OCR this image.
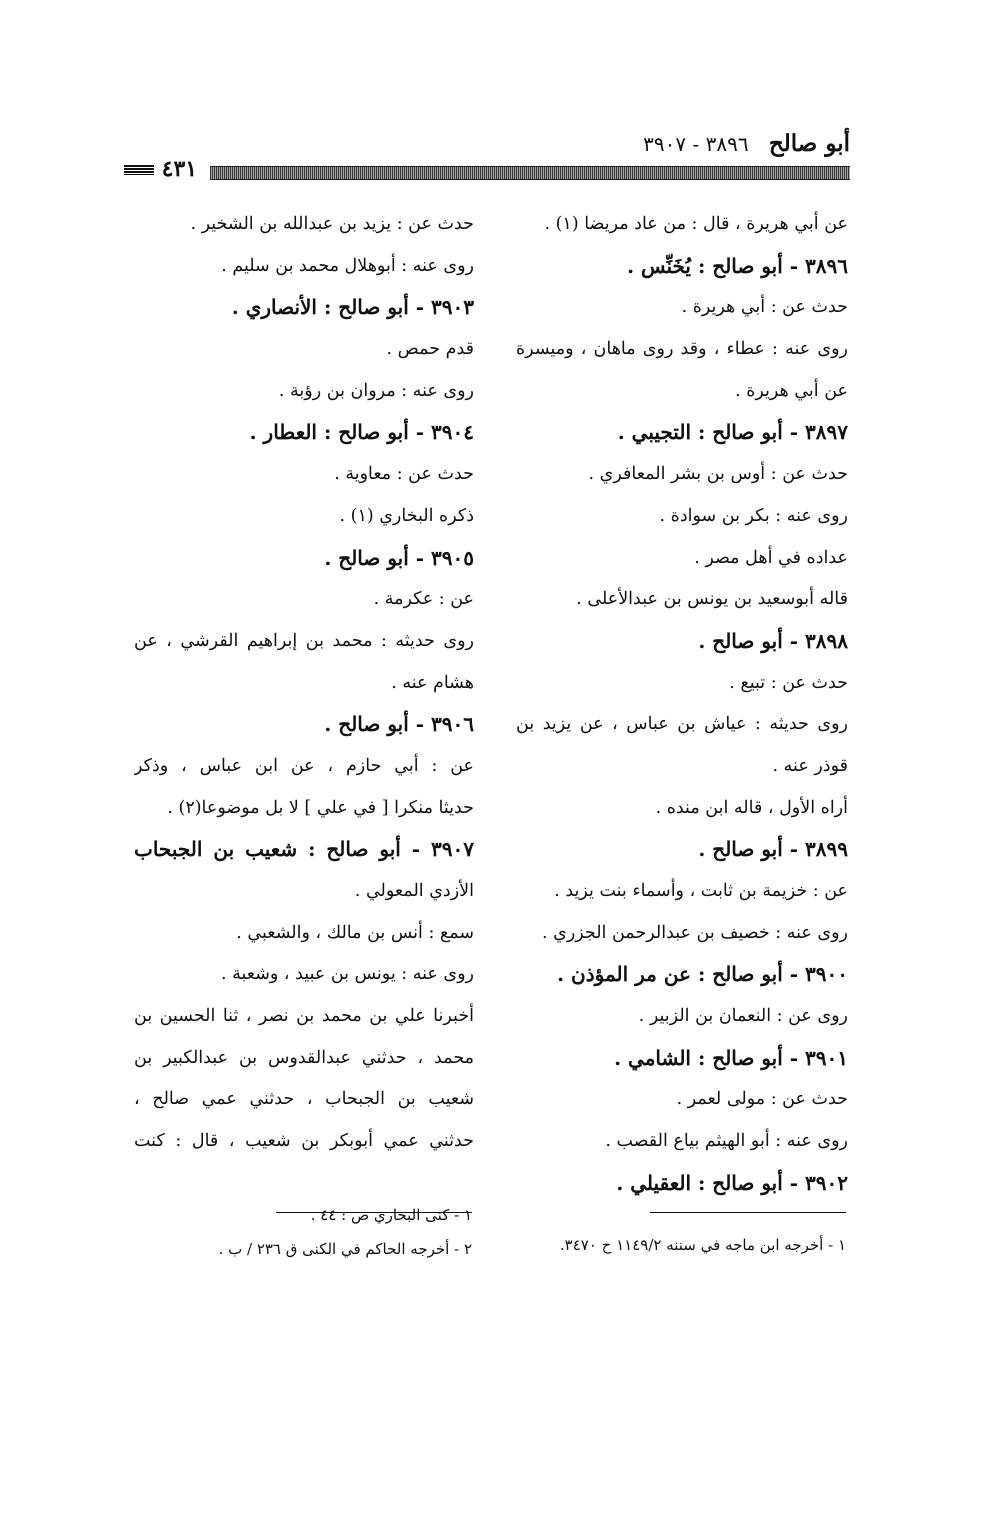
أبو صالح ٣٨٩٦ - ٣٩٠٧
٤٣١
عن أبي هريرة ، قال : من عاد مريضا (١) .
٣٨٩٦ - أبو صالح : يُخَنِّس .
حدث عن : أبي هريرة .
روى عنه : عطاء ، وقد روى ماهان ، وميسرة
عن أبي هريرة .
٣٨٩٧ - أبو صالح : التجيبي .
حدث عن : أوس بن بشر المعافري .
روى عنه : بكر بن سوادة .
عداده في أهل مصر .
قاله أبوسعيد بن يونس بن عبدالأعلى .
٣٨٩٨ - أبو صالح .
حدث عن : تبيع .
روى حديثه : عياش بن عباس ، عن يزيد بن
قوذر عنه .
أراه الأول ، قاله ابن منده .
٣٨٩٩ - أبو صالح .
عن : خزيمة بن ثابت ، وأسماء بنت يزيد .
روى عنه : خصيف بن عبدالرحمن الجزري .
٣٩٠٠ - أبو صالح : عن مر المؤذن .
روى عن : النعمان بن الزبير .
٣٩٠١ - أبو صالح : الشامي .
حدث عن : مولى لعمر .
روى عنه : أبو الهيثم بياع القصب .
٣٩٠٢ - أبو صالح : العقيلي .
حدث عن : يزيد بن عبدالله بن الشخير .
روى عنه : أبوهلال محمد بن سليم .
٣٩٠٣ - أبو صالح : الأنصاري .
قدم حمص .
روى عنه : مروان بن رؤبة .
٣٩٠٤ - أبو صالح : العطار .
حدث عن : معاوية .
ذكره البخاري (١) .
٣٩٠٥ - أبو صالح .
عن : عكرمة .
روى حديثه : محمد بن إبراهيم القرشي ، عن
هشام عنه .
٣٩٠٦ - أبو صالح .
عن : أبي حازم ، عن ابن عباس ، وذكر
حديثا منكرا [ في علي ] لا بل موضوعا(٢) .
٣٩٠٧ - أبو صالح : شعيب بن الجبحاب
الأزدي المعولي .
سمع : أنس بن مالك ، والشعبي .
روى عنه : يونس بن عبيد ، وشعبة .
أخبرنا علي بن محمد بن نصر ، ثنا الحسين بن
محمد ، حدثني عبدالقدوس بن عبدالكبير بن
شعيب بن الجبحاب ، حدثني عمي صالح ،
حدثني عمي أبوبكر بن شعيب ، قال : كنت
١ - أخرجه ابن ماجه في سننه ١١٤٩/٢ ح ٣٤٧٠.
١ - كنى البخاري ص : ٤٤ .
٢ - أخرجه الحاكم في الكنى ق ٢٣٦ / ب .
